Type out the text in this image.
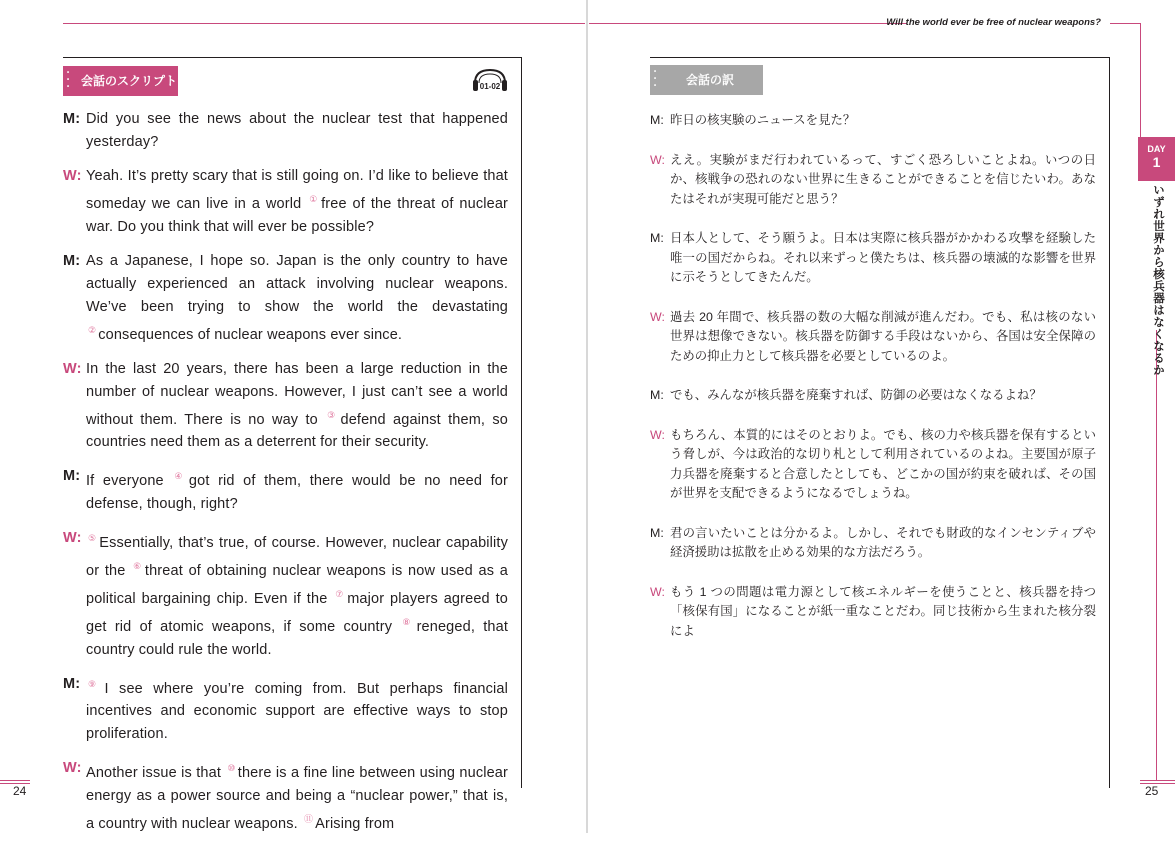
Will the world ever be free of nuclear weapons?
•
•
• 会話のスクリプト	01-02
M: Did you see the news about the nuclear test that happened yesterday?
W: Yeah. It’s pretty scary that is still going on. I’d like to believe that someday we can live in a world ① free of the threat of nuclear war. Do you think that will ever be possible?
M: As a Japanese, I hope so. Japan is the only country to have actually experienced an attack involving nuclear weapons. We’ve been trying to show the world the devastating ② consequences of nuclear weapons ever since.
W: In the last 20 years, there has been a large reduction in the number of nuclear weapons. However, I just can’t see a world without them. There is no way to ③ defend against them, so countries need them as a deterrent for their security.
M: If everyone ④ got rid of them, there would be no need for defense, though, right?
W: ⑤ Essentially, that’s true, of course. However, nuclear capability or the ⑥ threat of obtaining nuclear weapons is now used as a political bargaining chip. Even if the ⑦ major players agreed to get rid of atomic weapons, if some country ⑧ reneged, that country could rule the world.
M: ⑨ I see where you’re coming from. But perhaps financial incentives and economic support are effective ways to stop proliferation.
W: Another issue is that ⑩ there is a fine line between using nuclear energy as a power source and being a “nuclear power,” that is, a country with nuclear weapons. ⑪ Arising from
24
•
•
• 会話の訳
M: 昨日の核実験のニュースを見た？
W: ええ。実験がまだ行われているって、すごく恐ろしいことよね。いつの日か、核戦争の恐れのない世界に生きることができることを信じたいわ。あなたはそれが実現可能だと思う？
M: 日本人として、そう願うよ。日本は実際に核兵器がかかわる攻撃を経験した唯一の国だからね。それ以来ずっと僕たちは、核兵器の壊滅的な影響を世界に示そうとしてきたんだ。
W: 過去 20 年間で、核兵器の数の大幅な削減が進んだわ。でも、私は核のない世界は想像できない。核兵器を防御する手段はないから、各国は安全保障のための抑止力として核兵器を必要としているのよ。
M: でも、みんなが核兵器を廃棄すれば、防御の必要はなくなるよね？
W: もちろん、本質的にはそのとおりよ。でも、核の力や核兵器を保有するという脅しが、今は政治的な切り札として利用されているのよね。主要国が原子力兵器を廃棄すると合意したとしても、どこかの国が約束を破れば、その国が世界を支配できるようになるでしょうね。
M: 君の言いたいことは分かるよ。しかし、それでも財政的なインセンティブや経済援助は拡散を止める効果的な方法だろう。
W: もう 1 つの問題は電力源として核エネルギーを使うことと、核兵器を持つ「核保有国」になることが紙一重なことだわ。同じ技術から生まれた核分裂によ
DAY
1
いずれ世界から核兵器はなくなるか
25
